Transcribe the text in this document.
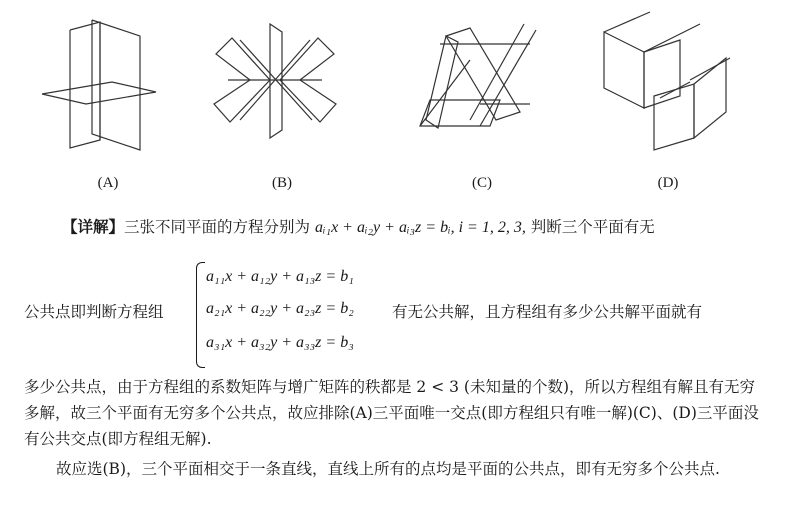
(A)	(B)	(C)	(D)
【详解】三张不同平面的方程分别为 aᵢ₁x + aᵢ₂y + aᵢ₃z = bᵢ, i = 1, 2, 3, 判断三个平面有无
公共点即判断方程组
a₁₁x + a₁₂y + a₁₃z = b₁
a₂₁x + a₂₂y + a₂₃z = b₂
a₃₁x + a₃₂y + a₃₃z = b₃
有无公共解，且方程组有多少公共解平面就有
多少公共点，由于方程组的系数矩阵与增广矩阵的秩都是 2 < 3 (未知量的个数)，所以方程组有解且有无穷多解，故三个平面有无穷多个公共点，故应排除(A)三平面唯一交点(即方程组只有唯一解)(C)、(D)三平面没有公共交点(即方程组无解).
故应选(B)，三个平面相交于一条直线，直线上所有的点均是平面的公共点，即有无穷多个公共点.
